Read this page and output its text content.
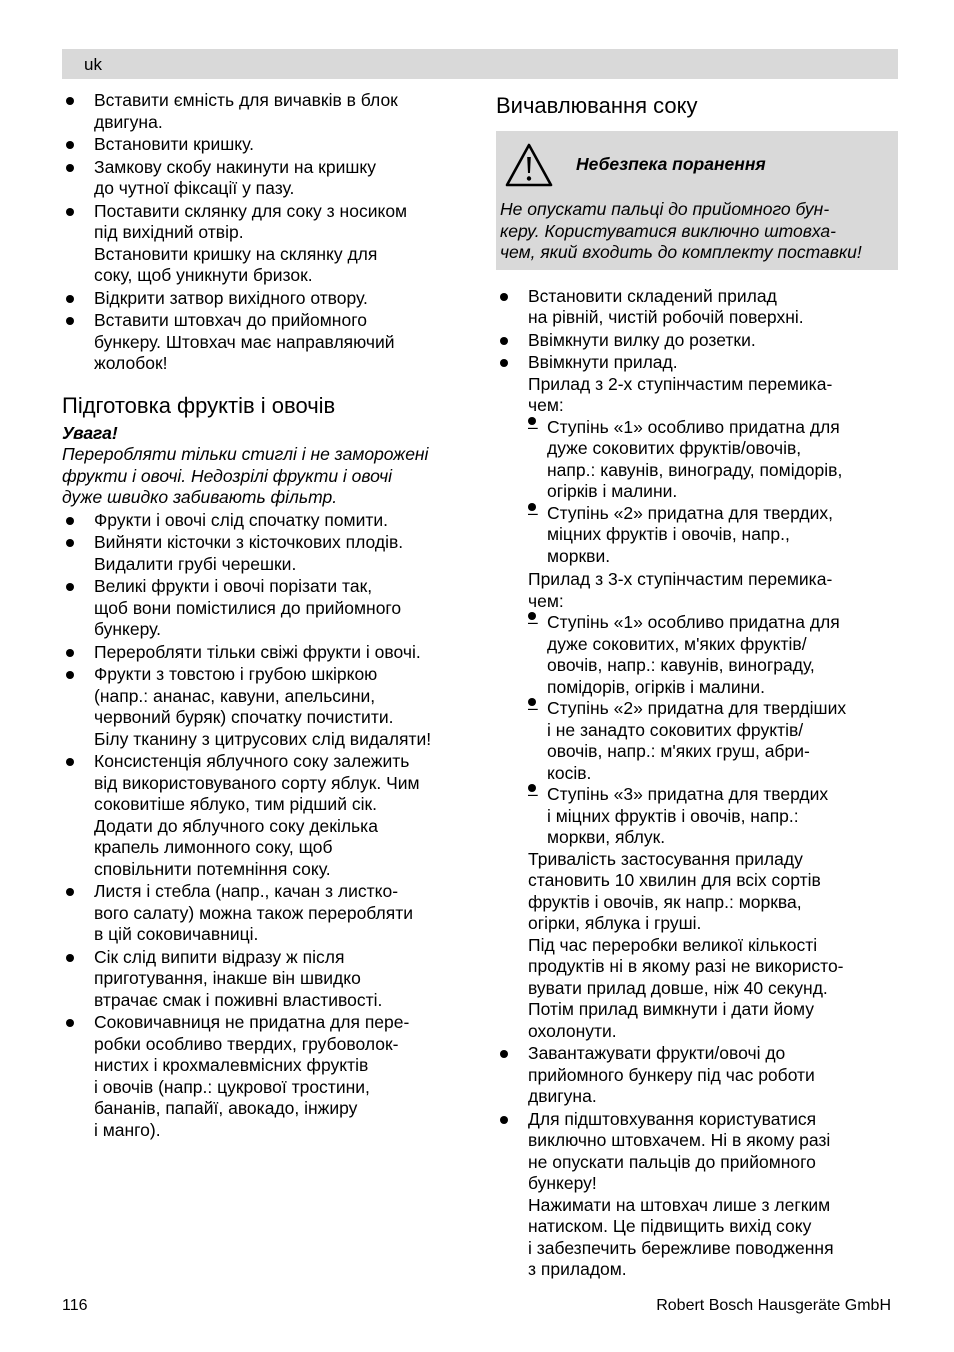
uk
Вставити ємність для вичавків в блок
двигуна.
Встановити кришку.
Замкову скобу накинути на кришку
до чутної фіксації у пазу.
Поставити склянку для соку з носиком
під вихідний отвір.
Встановити кришку на склянку для
соку, щоб уникнути бризок.
Відкрити затвор вихідного отвору.
Вставити штовхач до прийомного
бункеру. Штовхач має направляючий
жолобок!
Підготовка фруктів і овочів
Увага!
Переробляти тільки стиглі і не заморожені
фрукти і овочі. Недозрілі фрукти і овочі
дуже швидко забивають фільтр.
Фрукти і овочі слід спочатку помити.
Вийняти кісточки з кісточкових плодів.
Видалити грубі черешки.
Великі фрукти і овочі порізати так,
щоб вони помістилися до прийомного
бункеру.
Переробляти тільки свіжі фрукти і овочі.
Фрукти з товстою і грубою шкіркою
(напр.: ананас, кавуни, апельсини,
червоний буряк) спочатку почистити.
Білу тканину з цитрусових слід видаляти!
Консистенція яблучного соку залежить
від використовуваного сорту яблук. Чим
соковитіше яблуко, тим рідший сік.
Додати до яблучного соку декілька
крапель лимонного соку, щоб
сповільнити потемніння соку.
Листя і стебла (напр., качан з листко-
вого салату) можна також переробляти
в цій соковичавниці.
Сік слід випити відразу ж після
приготування, інакше він швидко
втрачає смак і поживні властивості.
Соковичавниця не придатна для пере-
робки особливо твердих, грубоволок-
нистих і крохмалевмісних фруктів
і овочів (напр.: цукрової тростини,
бананів, папайї, авокадо, інжиру
і манго).
Вичавлювання соку
Небезпека поранення
Не опускати пальці до прийомного бун-
керу. Користуватися виключно штовха-
чем, який входить до комплекту поставки!
Встановити складений прилад
на рівній, чистій робочій поверхні.
Ввімкнути вилку до розетки.
Ввімкнути прилад.
Прилад з 2-х ступінчастим перемика-
чем:
– Ступінь «1» особливо придатна для
дуже соковитих фруктів/овочів,
напр.: кавунів, винограду, помідорів,
огірків і малини.
– Ступінь «2» придатна для твердих,
міцних фруктів і овочів, напр.,
моркви.
Прилад з 3-х ступінчастим перемика-
чем:
– Ступінь «1» особливо придатна для
дуже соковитих, м'яких фруктів/
овочів, напр.: кавунів, винограду,
помідорів, огірків і малини.
– Ступінь «2» придатна для твердіших
і не занадто соковитих фруктів/
овочів, напр.: м'яких груш, абри-
косів.
– Ступінь «3» придатна для твердих
і міцних фруктів і овочів, напр.:
моркви, яблук.
Тривалість застосування приладу
становить 10 хвилин для всіх сортів
фруктів і овочів, як напр.: морква,
огірки, яблука і груші.
Під час переробки великої кількості
продуктів ні в якому разі не використо-
вувати прилад довше, ніж 40 секунд.
Потім прилад вимкнути і дати йому
охолонути.
Завантажувати фрукти/овочі до
прийомного бункеру під час роботи
двигуна.
Для підштовхування користуватися
виключно штовхачем. Ні в якому разі
не опускати пальців до прийомного
бункеру!
Нажимати на штовхач лише з легким
натиском. Це підвищить вихід соку
і забезпечить бережливе поводження
з приладом.
116	Robert Bosch Hausgeräte GmbH
